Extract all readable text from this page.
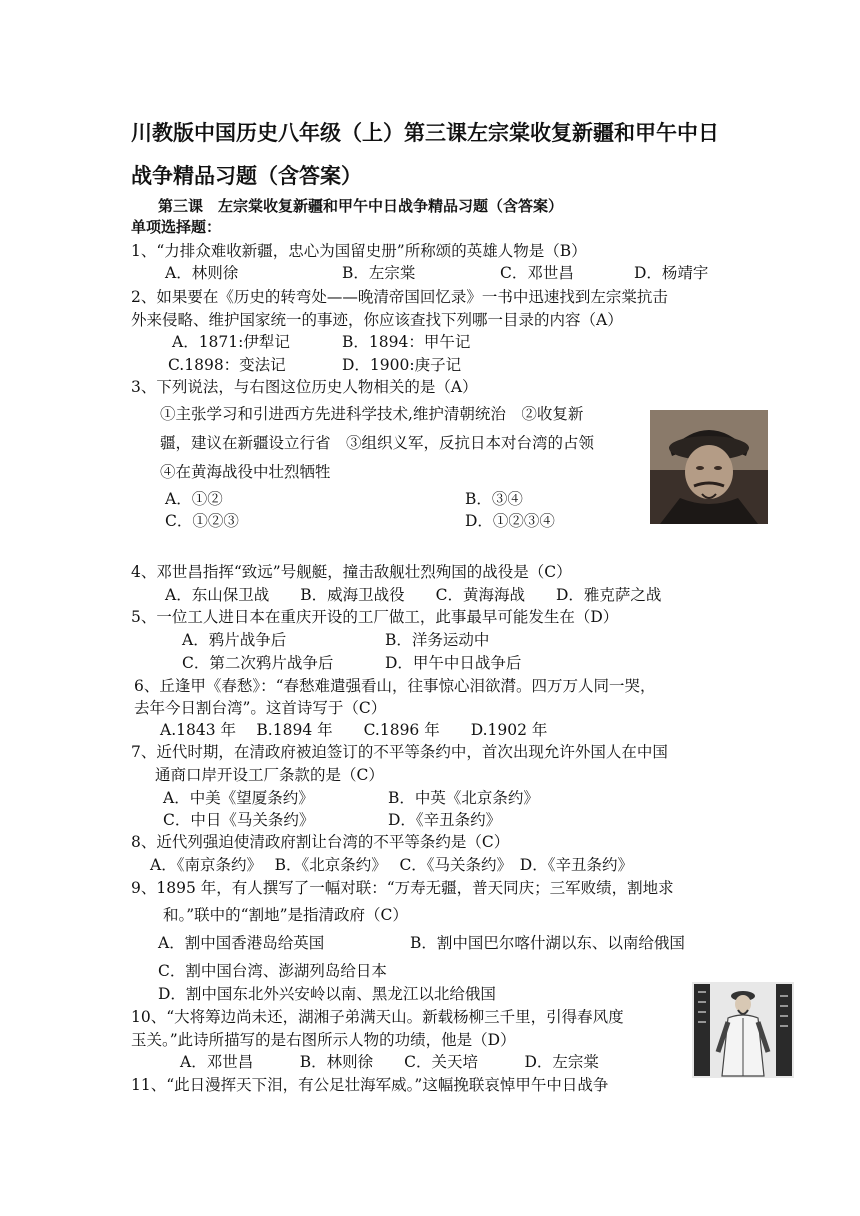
川教版中国历史八年级（上）第三课左宗棠收复新疆和甲午中日
战争精品习题（含答案）
第三课　左宗棠收复新疆和甲午中日战争精品习题（含答案）
单项选择题：
1、“力排众难收新疆，忠心为国留史册”所称颂的英雄人物是（B）
A．林则徐	B．左宗棠	C．邓世昌	D．杨靖宇
2、如果要在《历史的转弯处——晚清帝国回忆录》一书中迅速找到左宗棠抗击
外来侵略、维护国家统一的事迹，你应该查找下列哪一目录的内容（A）
A．1871:伊犁记	B．1894：甲午记
C.1898：变法记	D．1900:庚子记
3、下列说法，与右图这位历史人物相关的是（A）
①主张学习和引进西方先进科学技术,维护清朝统治　②收复新
疆，建议在新疆设立行省　③组织义军，反抗日本对台湾的占领
④在黄海战役中壮烈牺牲
A．①②	B．③④
C．①②③	D．①②③④
4、邓世昌指挥“致远”号舰艇，撞击敌舰壮烈殉国的战役是（C）
A．东山保卫战　　B．威海卫战役　　C．黄海海战　　D．雅克萨之战
5、一位工人进日本在重庆开设的工厂做工，此事最早可能发生在（D）
A．鸦片战争后	B．洋务运动中
C．第二次鸦片战争后	D．甲午中日战争后
6、丘逢甲《春愁》：“春愁难遣强看山，往事惊心泪欲潸。四万万人同一哭，
去年今日割台湾”。这首诗写于（C）
A.1843 年　 B.1894 年　　C.1896 年　　D.1902 年
7、近代时期，在清政府被迫签订的不平等条约中，首次出现允许外国人在中国
通商口岸开设工厂条款的是（C）
A．中美《望厦条约》	B．中英《北京条约》
C．中日《马关条约》	D．《辛丑条约》
8、近代列强迫使清政府割让台湾的不平等条约是（C）
A．《南京条约》　 B．《北京条约》　 C．《马关条约》　D．《辛丑条约》
9、1895 年，有人撰写了一幅对联：“万寿无疆，普天同庆；三军败绩，割地求
和。”联中的“割地”是指清政府（C）
A．割中国香港岛给英国	B．割中国巴尔喀什湖以东、以南给俄国
C．割中国台湾、澎湖列岛给日本
D．割中国东北外兴安岭以南、黑龙江以北给俄国
10、“大将筹边尚未还，湖湘子弟满天山。新载杨柳三千里，引得春风度
玉关。”此诗所描写的是右图所示人物的功绩，他是（D）
A．邓世昌　　　B．林则徐　　C．关天培　　　D．左宗棠
11、“此日漫挥天下泪，有公足壮海军威。”这幅挽联哀悼甲午中日战争
